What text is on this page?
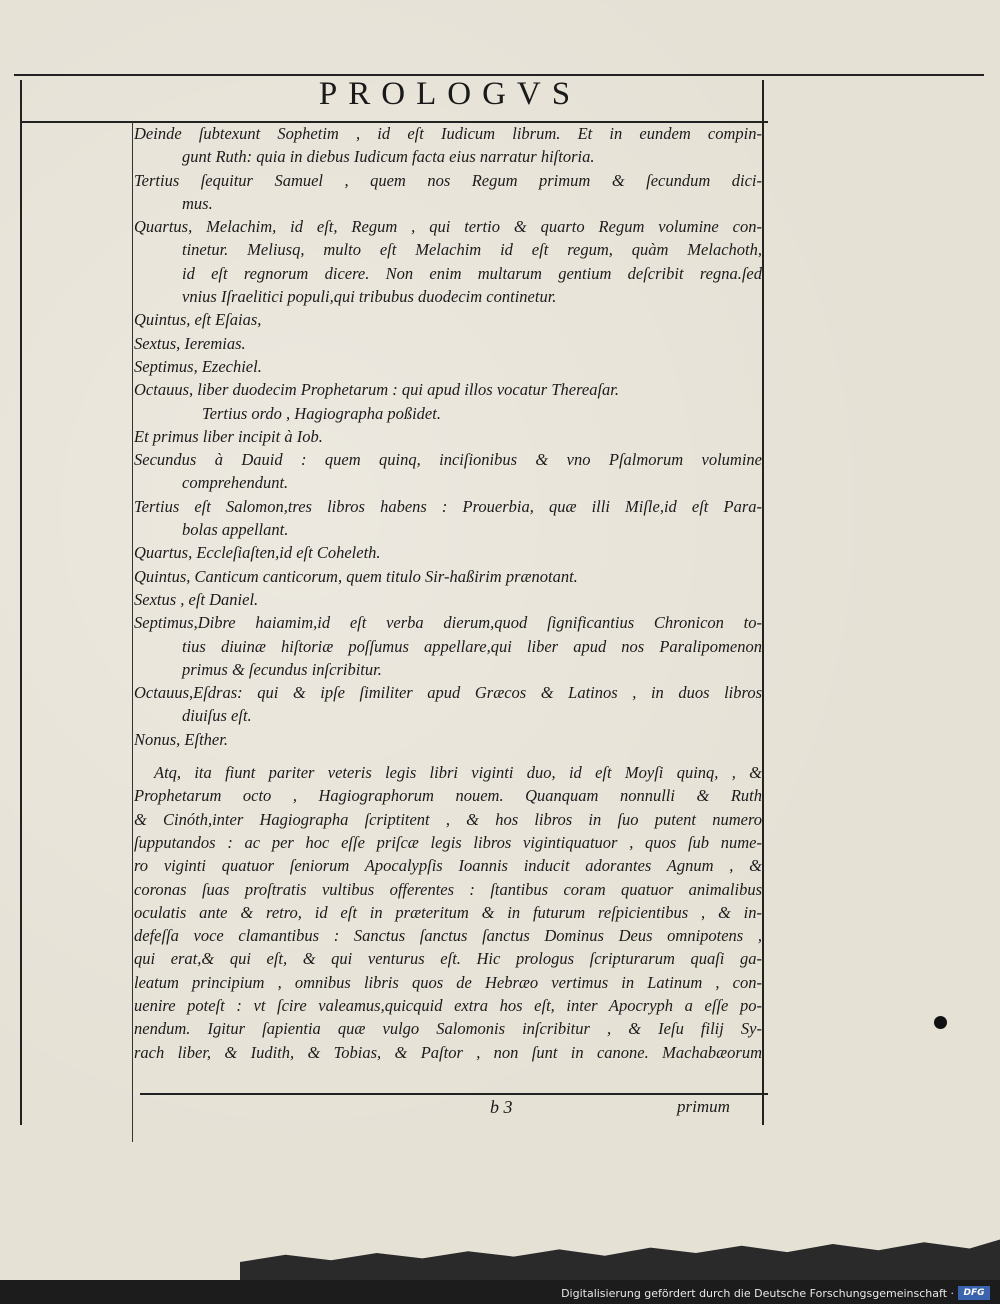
PROLOGVS
Deinde ſubtexunt Sophetim , id eſt Iudicum librum. Et in eundem compin-
gunt Ruth: quia in diebus Iudicum facta eius narratur hiſtoria.
Tertius ſequitur Samuel , quem nos Regum primum & ſecundum dici-
mus.
Quartus, Melachim, id eſt, Regum , qui tertio & quarto Regum volumine con-
tinetur. Meliusq, multo eſt Melachim id eſt regum, quàm Melachoth,
id eſt regnorum dicere. Non enim multarum gentium deſcribit regna.ſed
vnius Iſraelitici populi,qui tribubus duodecim continetur.
Quintus, eſt Eſaias,
Sextus, Ieremias.
Septimus, Ezechiel.
Octauus, liber duodecim Prophetarum : qui apud illos vocatur Thereaſar.
Tertius ordo , Hagiographa poßidet.
Et primus liber incipit à Iob.
Secundus à Dauid : quem quinq, inciſionibus & vno Pſalmorum volumine
comprehendunt.
Tertius eſt Salomon,tres libros habens : Prouerbia, quæ illi Miſle,id eſt Para-
bolas appellant.
Quartus, Eccleſiaſten,id eſt Coheleth.
Quintus, Canticum canticorum, quem titulo Sir-haßirim prænotant.
Sextus , eſt Daniel.
Septimus,Dibre haiamim,id eſt verba dierum,quod ſignificantius Chronicon to-
tius diuinæ hiſtoriæ poſſumus appellare,qui liber apud nos Paralipomenon
primus & ſecundus inſcribitur.
Octauus,Eſdras: qui & ipſe ſimiliter apud Græcos & Latinos , in duos libros
diuiſus eſt.
Nonus, Eſther.
Atq, ita fiunt pariter veteris legis libri viginti duo, id eſt Moyſi quinq, , &
Prophetarum octo , Hagiographorum nouem. Quanquam nonnulli & Ruth
& Cinóth,inter Hagiographa ſcriptitent , & hos libros in ſuo putent numero
ſupputandos : ac per hoc eſſe priſcæ legis libros vigintiquatuor , quos ſub nume-
ro viginti quatuor ſeniorum Apocalypſis Ioannis inducit adorantes Agnum , &
coronas ſuas proſtratis vultibus offerentes : ſtantibus coram quatuor animalibus
oculatis ante & retro, id eſt in præteritum & in futurum reſpicientibus , & in-
defeſſa voce clamantibus : Sanctus ſanctus ſanctus Dominus Deus omnipotens ,
qui erat,& qui eſt, & qui venturus eſt. Hic prologus ſcripturarum quaſi ga-
leatum principium , omnibus libris quos de Hebræo vertimus in Latinum , con-
uenire poteſt : vt ſcire valeamus,quicquid extra hos eſt, inter Apocryph a eſſe po-
nendum. Igitur ſapientia quæ vulgo Salomonis inſcribitur , & Ieſu filij Sy-
rach liber, & Iudith, & Tobias, & Paſtor , non ſunt in canone. Machabæorum
b 3	primum
Digitalisierung gefördert durch die Deutsche Forschungsgemeinschaft ·	DFG
